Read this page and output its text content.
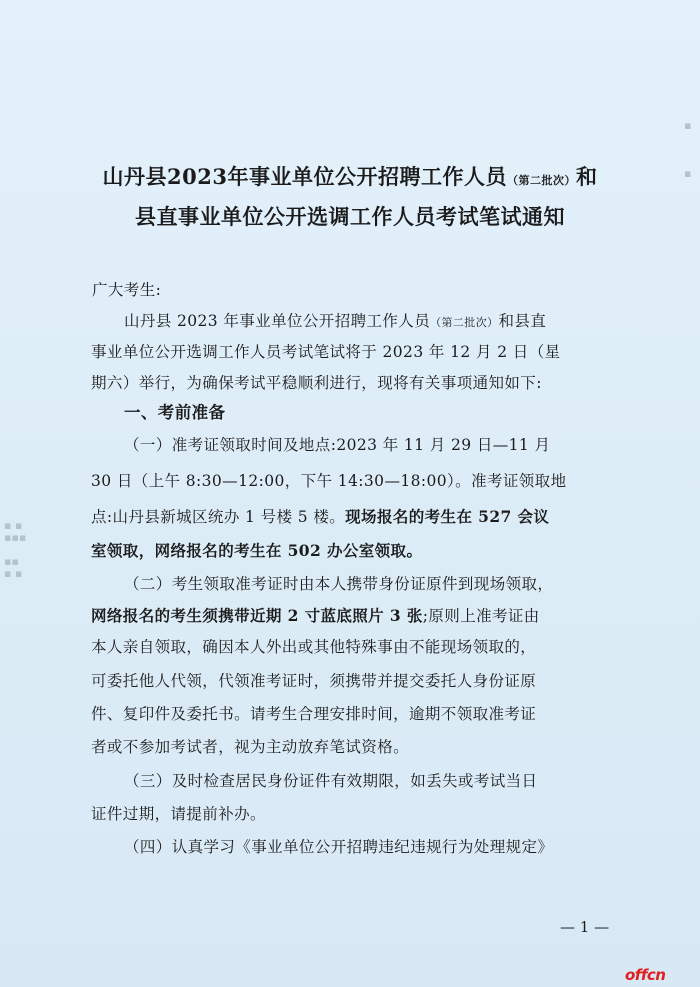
▪ ▪
▪▪▪

▪▪
▪ ▪
▪

▪
山丹县2023年事业单位公开招聘工作人员（第二批次）和
县直事业单位公开选调工作人员考试笔试通知
广大考生:
山丹县 2023 年事业单位公开招聘工作人员（第二批次）和县直
事业单位公开选调工作人员考试笔试将于 2023 年 12 月 2 日（星
期六）举行，为确保考试平稳顺利进行，现将有关事项通知如下:
一、考前准备
（一）准考证领取时间及地点:2023 年 11 月 29 日—11 月
30 日（上午 8:30—12:00，下午 14:30—18:00）。准考证领取地
点:山丹县新城区统办 1 号楼 5 楼。现场报名的考生在 527 会议
室领取，网络报名的考生在 502 办公室领取。
（二）考生领取准考证时由本人携带身份证原件到现场领取，
网络报名的考生须携带近期 2 寸蓝底照片 3 张;原则上准考证由
本人亲自领取，确因本人外出或其他特殊事由不能现场领取的，
可委托他人代领，代领准考证时，须携带并提交委托人身份证原
件、复印件及委托书。请考生合理安排时间，逾期不领取准考证
者或不参加考试者，视为主动放弃笔试资格。
（三）及时检查居民身份证件有效期限，如丢失或考试当日
证件过期，请提前补办。
（四）认真学习《事业单位公开招聘违纪违规行为处理规定》
— 1 —
offcn
